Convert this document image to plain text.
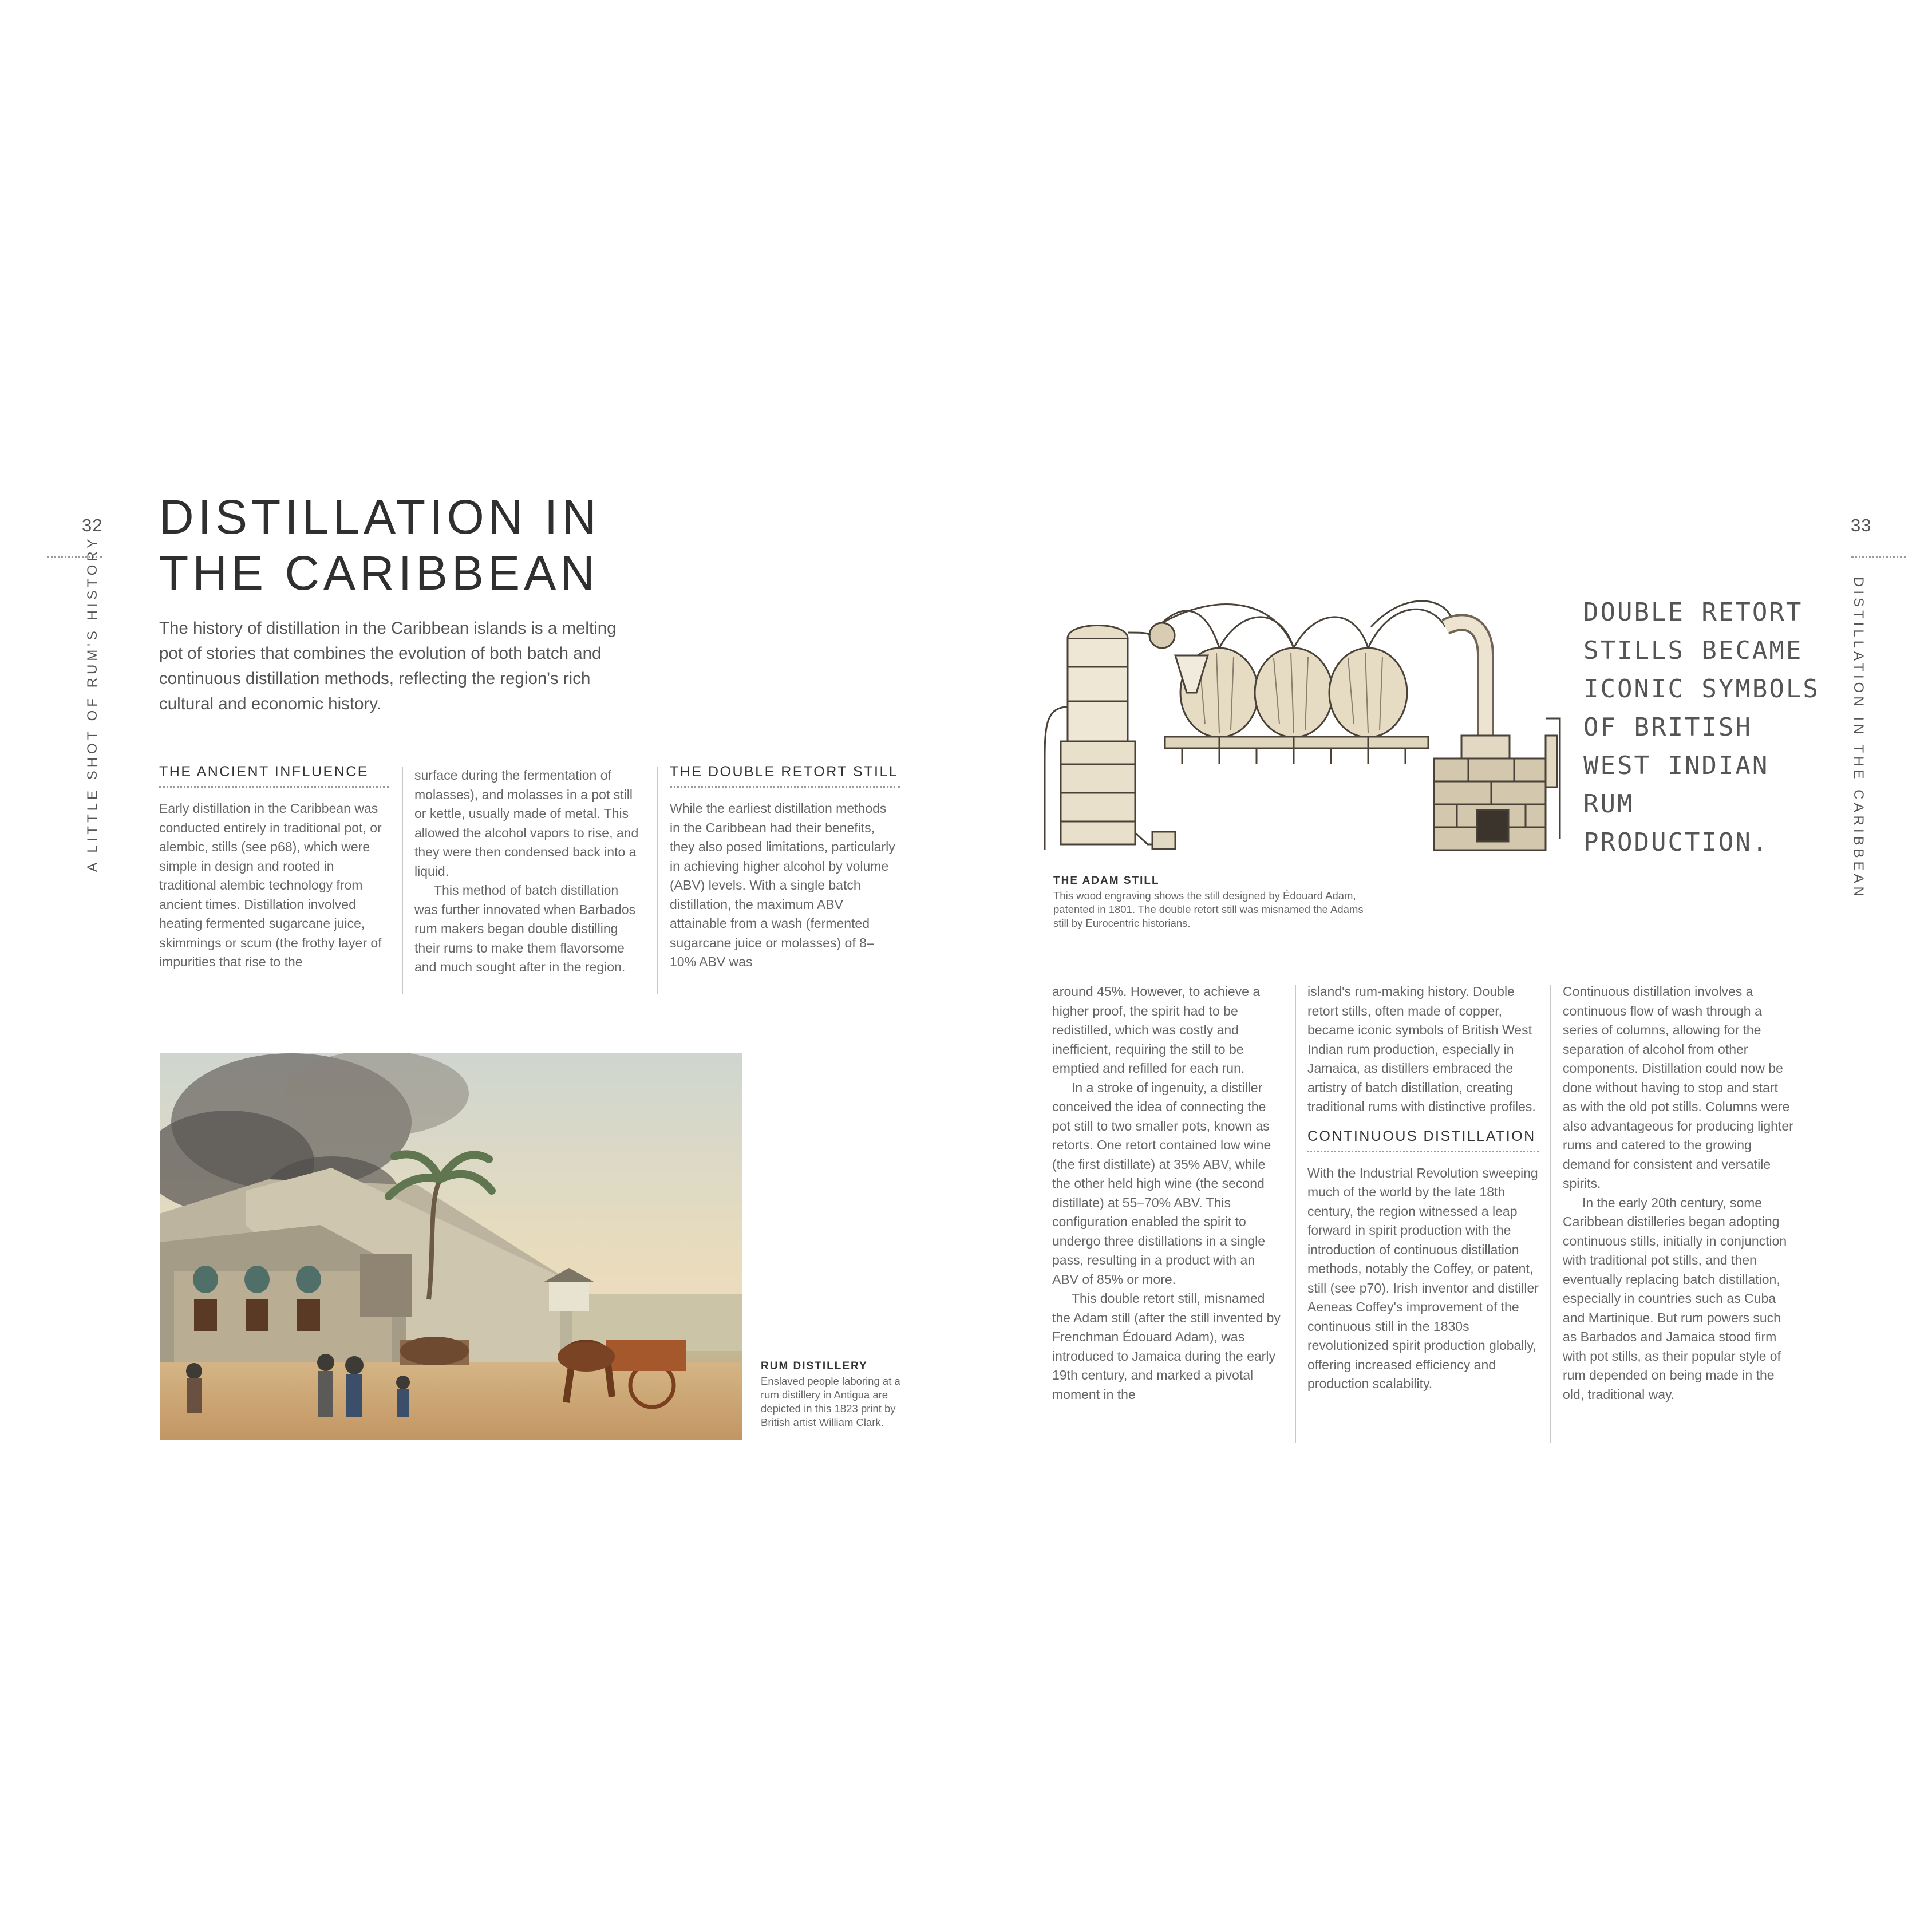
32
A LITTLE SHOT OF RUM'S HISTORY
DISTILLATION IN
THE CARIBBEAN
The history of distillation in the Caribbean islands is a melting pot of stories that combines the evolution of both batch and continuous distillation methods, reflecting the region's rich cultural and economic history.
THE ANCIENT INFLUENCE

Early distillation in the Caribbean was conducted entirely in traditional pot, or alembic, stills (see p68), which were simple in design and rooted in traditional alembic technology from ancient times. Distillation involved heating fermented sugarcane juice, skimmings or scum (the frothy layer of impurities that rise to the

surface during the fermentation of molasses), and molasses in a pot still or kettle, usually made of metal. This allowed the alcohol vapors to rise, and they were then condensed back into a liquid.

This method of batch distillation was further innovated when Barbados rum makers began double distilling their rums to make them flavorsome and much sought after in the region.

THE DOUBLE RETORT STILL

While the earliest distillation methods in the Caribbean had their benefits, they also posed limitations, particularly in achieving higher alcohol by volume (ABV) levels. With a single batch distillation, the maximum ABV attainable from a wash (fermented sugarcane juice or molasses) of 8–10% ABV was

RUM DISTILLERY
Enslaved people laboring at a rum distillery in Antigua are depicted in this 1823 print by British artist William Clark.
33
DISTILLATION IN THE CARIBBEAN
THE ADAM STILL
This wood engraving shows the still designed by Édouard Adam, patented in 1801. The double retort still was misnamed the Adams still by Eurocentric historians.
DOUBLE RETORT STILLS BECAME ICONIC SYMBOLS OF BRITISH WEST INDIAN RUM PRODUCTION.

around 45%. However, to achieve a higher proof, the spirit had to be redistilled, which was costly and inefficient, requiring the still to be emptied and refilled for each run.

In a stroke of ingenuity, a distiller conceived the idea of connecting the pot still to two smaller pots, known as retorts. One retort contained low wine (the first distillate) at 35% ABV, while the other held high wine (the second distillate) at 55–70% ABV. This configuration enabled the spirit to undergo three distillations in a single pass, resulting in a product with an ABV of 85% or more.

This double retort still, misnamed the Adam still (after the still invented by Frenchman Édouard Adam), was introduced to Jamaica during the early 19th century, and marked a pivotal moment in the

island's rum-making history. Double retort stills, often made of copper, became iconic symbols of British West Indian rum production, especially in Jamaica, as distillers embraced the artistry of batch distillation, creating traditional rums with distinctive profiles.

CONTINUOUS DISTILLATION

With the Industrial Revolution sweeping much of the world by the late 18th century, the region witnessed a leap forward in spirit production with the introduction of continuous distillation methods, notably the Coffey, or patent, still (see p70). Irish inventor and distiller Aeneas Coffey's improvement of the continuous still in the 1830s revolutionized spirit production globally, offering increased efficiency and production scalability.

Continuous distillation involves a continuous flow of wash through a series of columns, allowing for the separation of alcohol from other components. Distillation could now be done without having to stop and start as with the old pot stills. Columns were also advantageous for producing lighter rums and catered to the growing demand for consistent and versatile spirits.

In the early 20th century, some Caribbean distilleries began adopting continuous stills, initially in conjunction with traditional pot stills, and then eventually replacing batch distillation, especially in countries such as Cuba and Martinique. But rum powers such as Barbados and Jamaica stood firm with pot stills, as their popular style of rum depended on being made in the old, traditional way.
